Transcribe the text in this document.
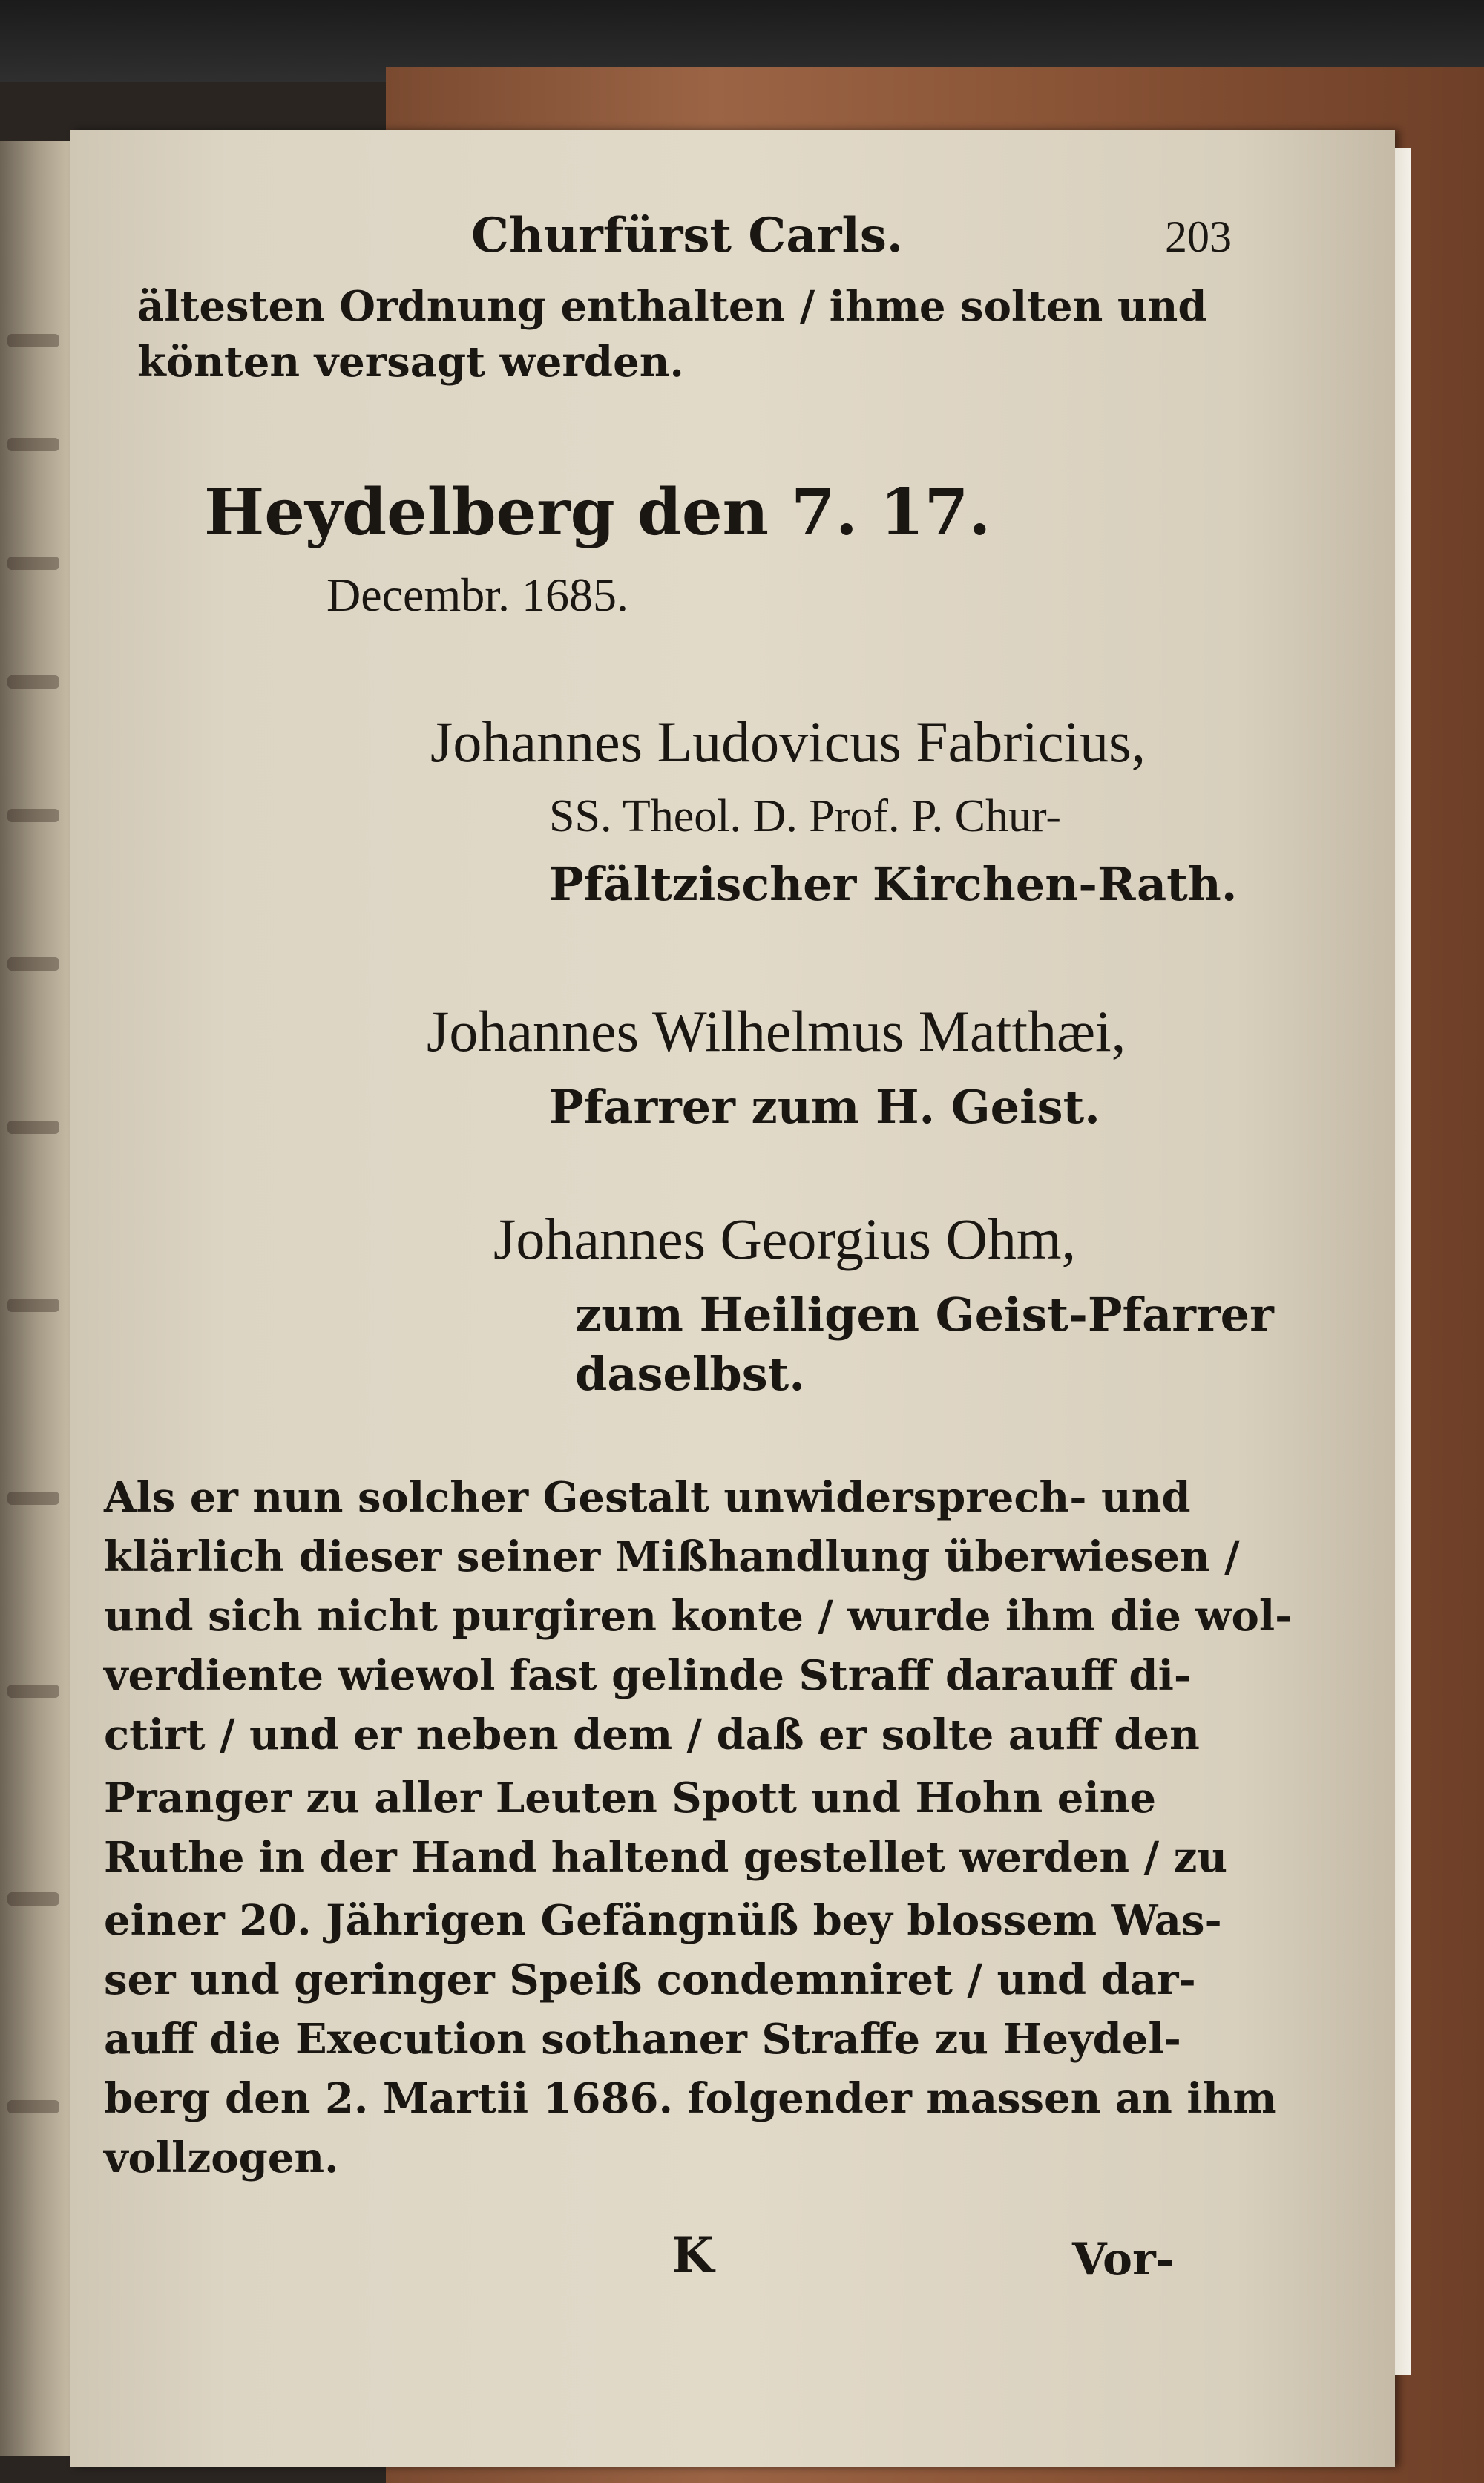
Churfürst Carls.	203

ältesten Ordnung enthalten / ihme solten und

könten versagt werden.

Heydelberg den 7. 17.

Decembr. 1685.

Johannes Ludovicus Fabricius,

SS. Theol. D. Prof. P. Chur-

Pfältzischer Kirchen-Rath.

Johannes Wilhelmus Matthæi,

Pfarrer zum H. Geist.

Johannes Georgius Ohm,

zum Heiligen Geist-Pfarrer

daselbst.

Als er nun solcher Gestalt unwidersprech- und

klärlich dieser seiner Mißhandlung überwiesen /

und sich nicht purgiren konte / wurde ihm die wol-

verdiente wiewol fast gelinde Straff darauff di-

ctirt / und er neben dem / daß er solte auff den

Pranger zu aller Leuten Spott und Hohn eine

Ruthe in der Hand haltend gestellet werden / zu

einer 20. Jährigen Gefängnüß bey blossem Was-

ser und geringer Speiß condemniret / und dar-

auff die Execution sothaner Straffe zu Heydel-

berg den 2. Martii 1686. folgender massen an ihm

vollzogen.

K	Vor-
